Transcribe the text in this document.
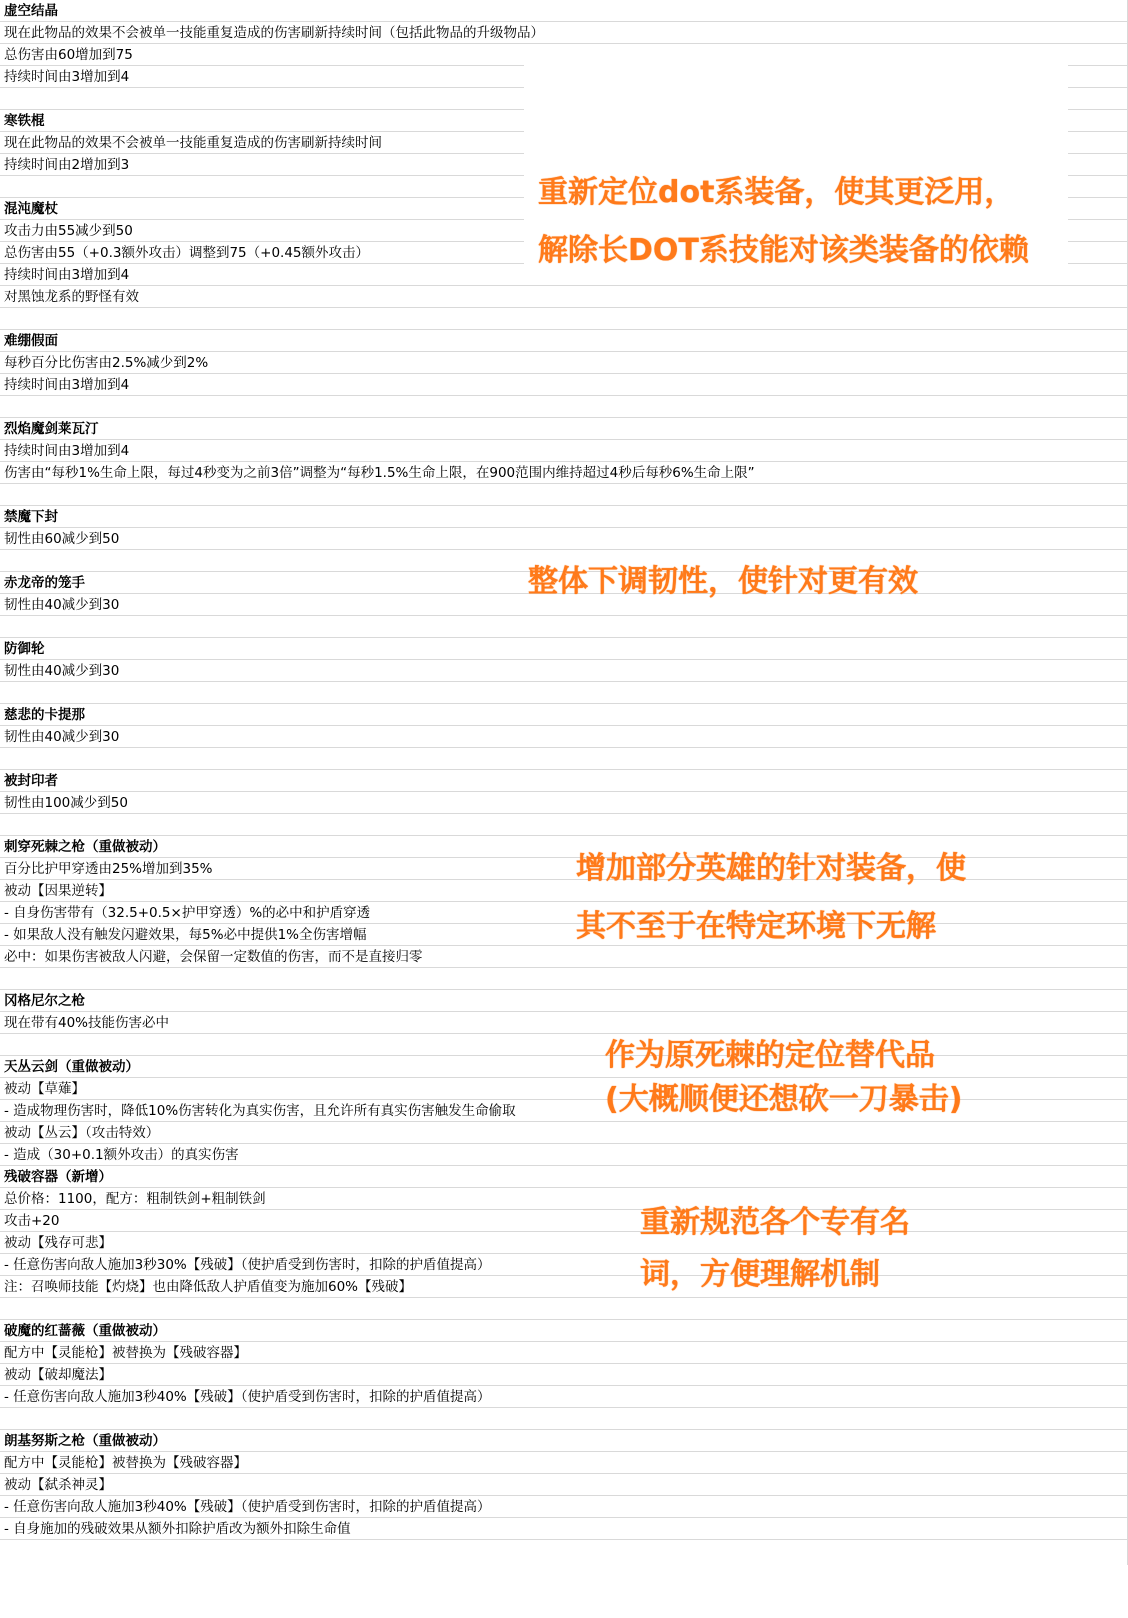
虚空结晶
现在此物品的效果不会被单一技能重复造成的伤害刷新持续时间（包括此物品的升级物品）
总伤害由60增加到75
持续时间由3增加到4
寒铁棍
现在此物品的效果不会被单一技能重复造成的伤害刷新持续时间
持续时间由2增加到3
混沌魔杖
攻击力由55减少到50
总伤害由55（+0.3额外攻击）调整到75（+0.45额外攻击）
持续时间由3增加到4
对黑蚀龙系的野怪有效
难绷假面
每秒百分比伤害由2.5%减少到2%
持续时间由3增加到4
烈焰魔剑莱瓦汀
持续时间由3增加到4
伤害由“每秒1%生命上限，每过4秒变为之前3倍”调整为“每秒1.5%生命上限，在900范围内维持超过4秒后每秒6%生命上限”
禁魔下封
韧性由60减少到50
赤龙帝的笼手
韧性由40减少到30
防御轮
韧性由40减少到30
慈悲的卡提那
韧性由40减少到30
被封印者
韧性由100减少到50
刺穿死棘之枪（重做被动）
百分比护甲穿透由25%增加到35%
被动【因果逆转】
- 自身伤害带有（32.5+0.5×护甲穿透）%的必中和护盾穿透
- 如果敌人没有触发闪避效果，每5%必中提供1%全伤害增幅
必中：如果伤害被敌人闪避，会保留一定数值的伤害，而不是直接归零
冈格尼尔之枪
现在带有40%技能伤害必中
天丛云剑（重做被动）
被动【草薙】
- 造成物理伤害时，降低10%伤害转化为真实伤害，且允许所有真实伤害触发生命偷取
被动【丛云】（攻击特效）
- 造成（30+0.1额外攻击）的真实伤害
残破容器（新增）
总价格：1100，配方：粗制铁剑+粗制铁剑
攻击+20
被动【残存可悲】
- 任意伤害向敌人施加3秒30%【残破】（使护盾受到伤害时，扣除的护盾值提高）
注：召唤师技能【灼烧】也由降低敌人护盾值变为施加60%【残破】
破魔的红蔷薇（重做被动）
配方中【灵能枪】被替换为【残破容器】
被动【破却魔法】
- 任意伤害向敌人施加3秒40%【残破】（使护盾受到伤害时，扣除的护盾值提高）
朗基努斯之枪（重做被动）
配方中【灵能枪】被替换为【残破容器】
被动【弑杀神灵】
- 任意伤害向敌人施加3秒40%【残破】（使护盾受到伤害时，扣除的护盾值提高）
- 自身施加的残破效果从额外扣除护盾改为额外扣除生命值
重新定位dot系装备，使其更泛用，
解除长DOT系技能对该类装备的依赖
整体下调韧性，使针对更有效
增加部分英雄的针对装备，使
其不至于在特定环境下无解
作为原死棘的定位替代品
(大概顺便还想砍一刀暴击)
重新规范各个专有名
词，方便理解机制
